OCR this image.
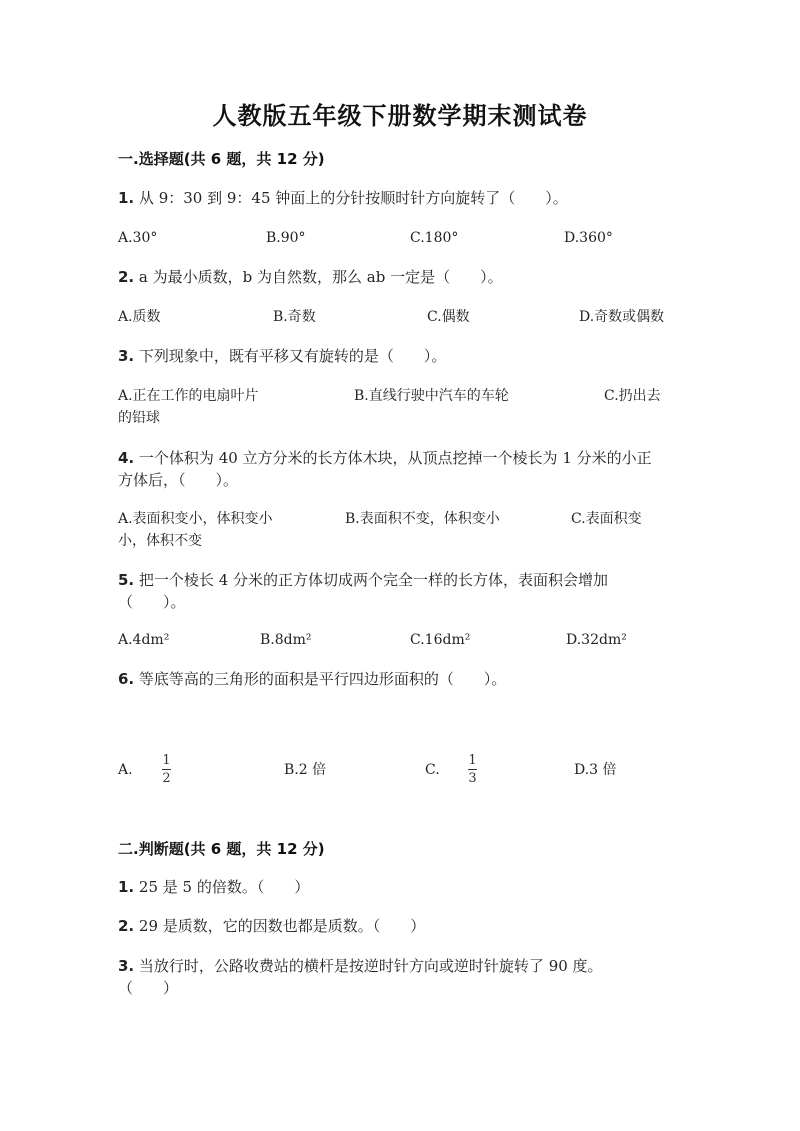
人教版五年级下册数学期末测试卷
一.选择题(共 6 题，共 12 分)
1. 从 9：30 到 9：45 钟面上的分针按顺时针方向旋转了（　　）。
A.30°	B.90°	C.180°	D.360°
2. a 为最小质数，b 为自然数，那么 ab 一定是（　　）。
A.质数	B.奇数	C.偶数	D.奇数或偶数
3. 下列现象中，既有平移又有旋转的是（　　）。
A.正在工作的电扇叶片	B.直线行驶中汽车的车轮	C.扔出去
的铅球
4. 一个体积为 40 立方分米的长方体木块，从顶点挖掉一个棱长为 1 分米的小正
方体后，（　　）。
A.表面积变小，体积变小	B.表面积不变，体积变小	C.表面积变
小，体积不变
5. 把一个棱长 4 分米的正方体切成两个完全一样的长方体，表面积会增加
（　　）。
A.4dm²	B.8dm²	C.16dm²	D.32dm²
6. 等底等高的三角形的面积是平行四边形面积的（　　）。
A.
1
2
B.2 倍	C.
1
3
D.3 倍
二.判断题(共 6 题，共 12 分)
1. 25 是 5 的倍数。（　　）
2. 29 是质数，它的因数也都是质数。（　　）
3. 当放行时，公路收费站的横杆是按逆时针方向或逆时针旋转了 90 度。
（　　）
